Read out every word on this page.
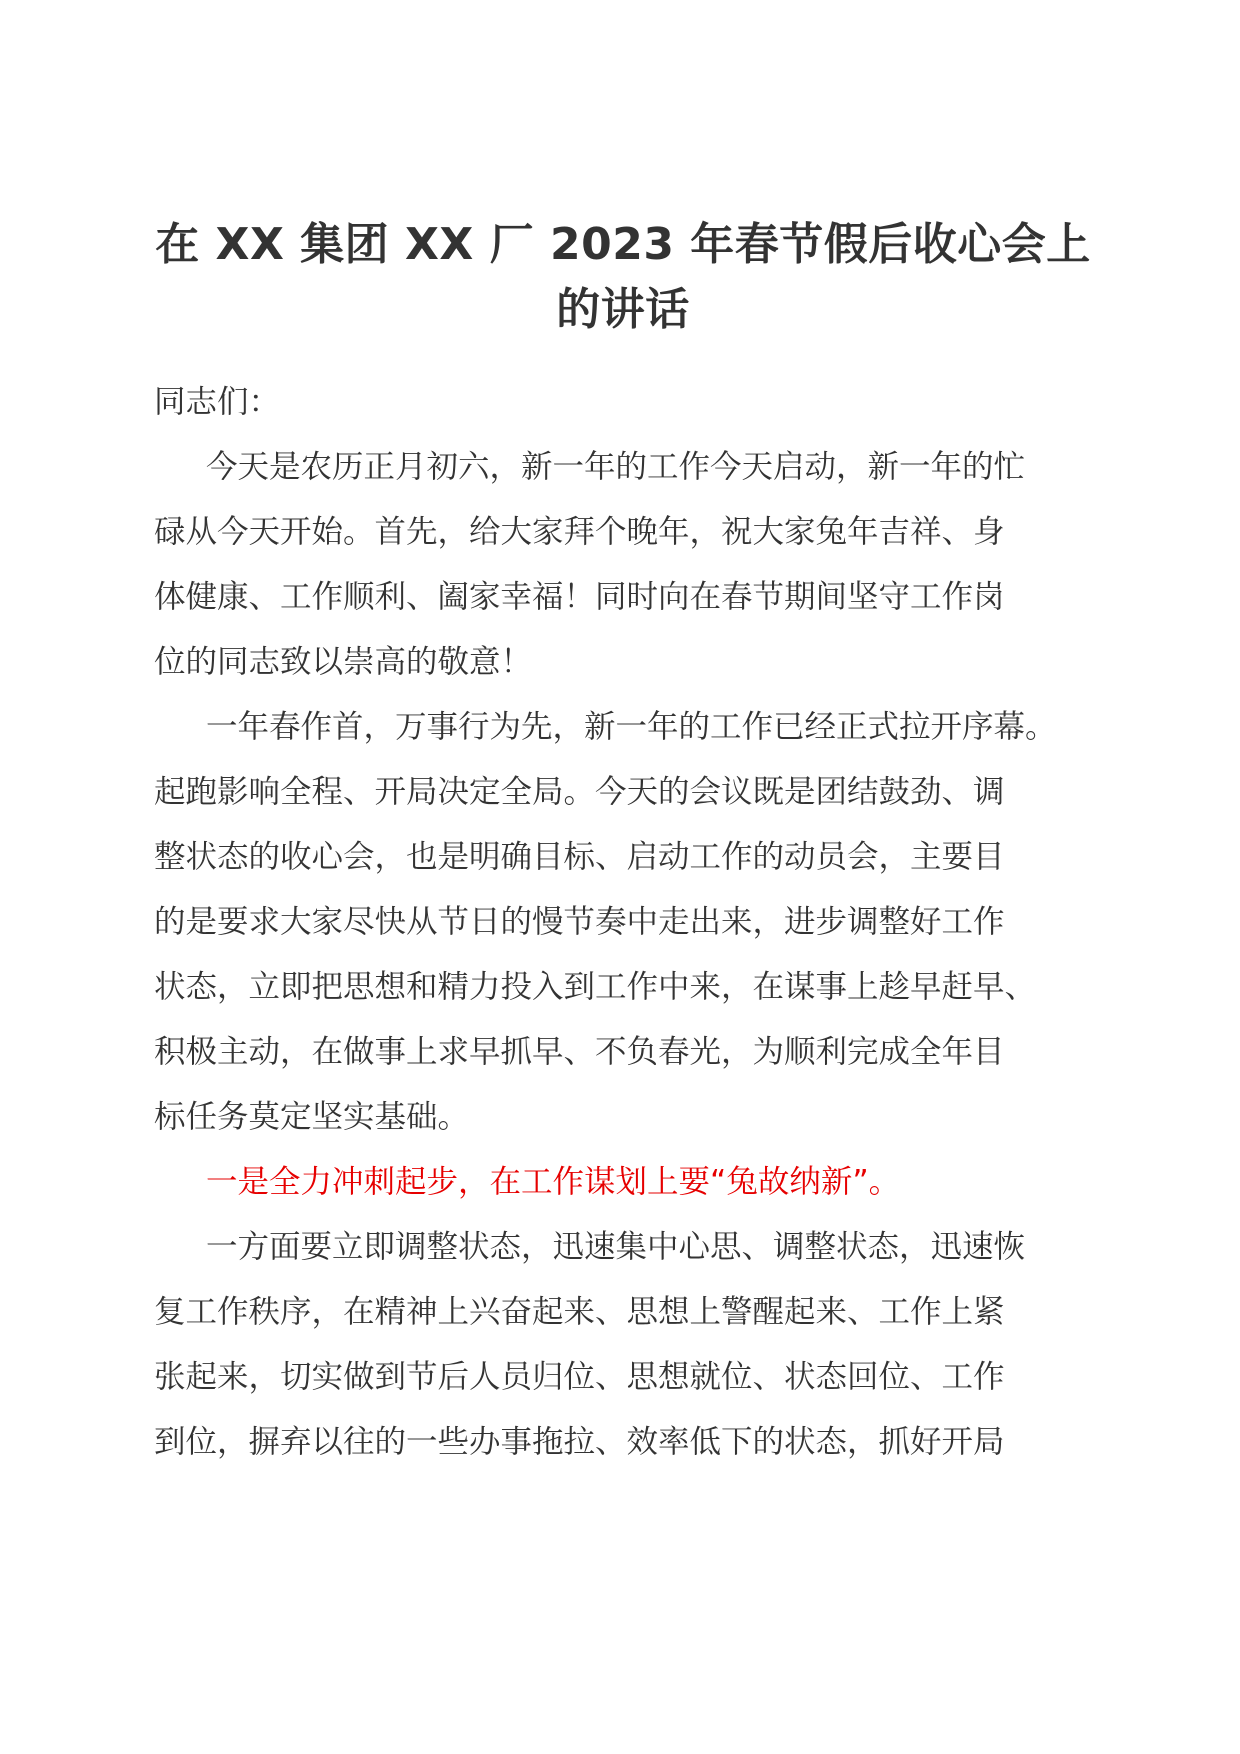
在 XX 集团 XX 厂 2023 年春节假后收心会上
的讲话

同志们：

今天是农历正月初六，新一年的工作今天启动，新一年的忙

碌从今天开始。首先，给大家拜个晚年，祝大家兔年吉祥、身

体健康、工作顺利、阖家幸福！同时向在春节期间坚守工作岗

位的同志致以崇高的敬意！

一年春作首，万事行为先，新一年的工作已经正式拉开序幕。

起跑影响全程、开局决定全局。今天的会议既是团结鼓劲、调

整状态的收心会，也是明确目标、启动工作的动员会，主要目

的是要求大家尽快从节日的慢节奏中走出来，进步调整好工作

状态，立即把思想和精力投入到工作中来，在谋事上趁早赶早、

积极主动，在做事上求早抓早、不负春光，为顺利完成全年目

标任务莫定坚实基础。

一是全力冲刺起步，在工作谋划上要“兔故纳新”。

一方面要立即调整状态，迅速集中心思、调整状态，迅速恢

复工作秩序，在精神上兴奋起来、思想上警醒起来、工作上紧

张起来，切实做到节后人员归位、思想就位、状态回位、工作

到位，摒弃以往的一些办事拖拉、效率低下的状态，抓好开局
